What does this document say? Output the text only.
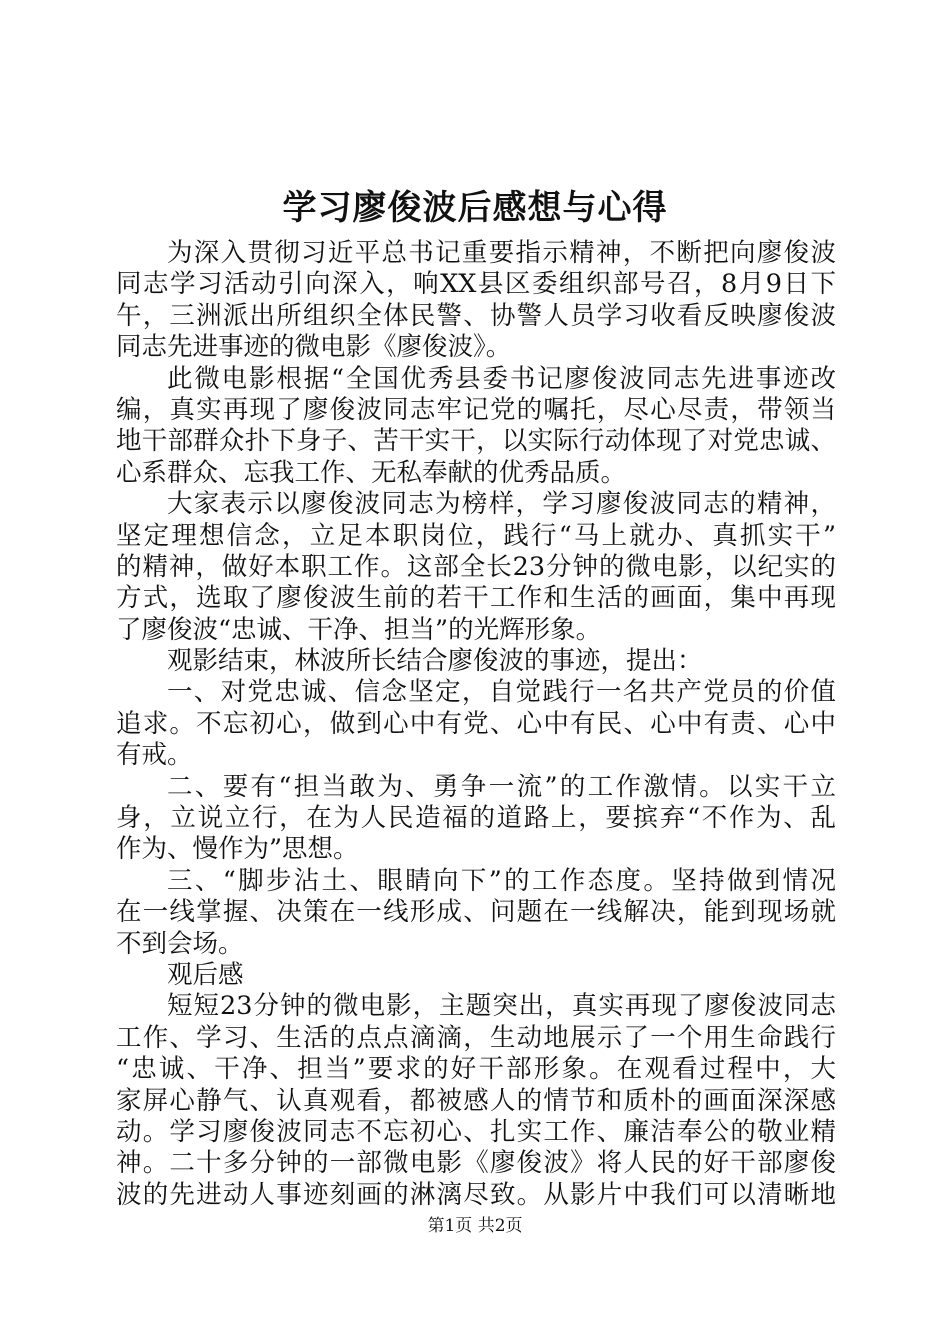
学习廖俊波后感想与心得
为深入贯彻习近平总书记重要指示精神，不断把向廖俊波
同志学习活动引向深入，响XX县区委组织部号召，8月9日下
午，三洲派出所组织全体民警、协警人员学习收看反映廖俊波
同志先进事迹的微电影《廖俊波》。
此微电影根据“全国优秀县委书记廖俊波同志先进事迹改
编，真实再现了廖俊波同志牢记党的嘱托，尽心尽责，带领当
地干部群众扑下身子、苦干实干，以实际行动体现了对党忠诚、
心系群众、忘我工作、无私奉献的优秀品质。
大家表示以廖俊波同志为榜样，学习廖俊波同志的精神，
坚定理想信念，立足本职岗位，践行“马上就办、真抓实干”
的精神，做好本职工作。这部全长23分钟的微电影，以纪实的
方式，选取了廖俊波生前的若干工作和生活的画面，集中再现
了廖俊波“忠诚、干净、担当”的光辉形象。
观影结束，林波所长结合廖俊波的事迹，提出：
一、对党忠诚、信念坚定，自觉践行一名共产党员的价值
追求。不忘初心，做到心中有党、心中有民、心中有责、心中
有戒。
二、要有“担当敢为、勇争一流”的工作激情。以实干立
身，立说立行，在为人民造福的道路上，要摈弃“不作为、乱
作为、慢作为”思想。
三、“脚步沾土、眼睛向下”的工作态度。坚持做到情况
在一线掌握、决策在一线形成、问题在一线解决，能到现场就
不到会场。
观后感
短短23分钟的微电影，主题突出，真实再现了廖俊波同志
工作、学习、生活的点点滴滴，生动地展示了一个用生命践行
“忠诚、干净、担当”要求的好干部形象。在观看过程中，大
家屏心静气、认真观看，都被感人的情节和质朴的画面深深感
动。学习廖俊波同志不忘初心、扎实工作、廉洁奉公的敬业精
神。二十多分钟的一部微电影《廖俊波》将人民的好干部廖俊
波的先进动人事迹刻画的淋漓尽致。从影片中我们可以清晰地
第1页 共2页
